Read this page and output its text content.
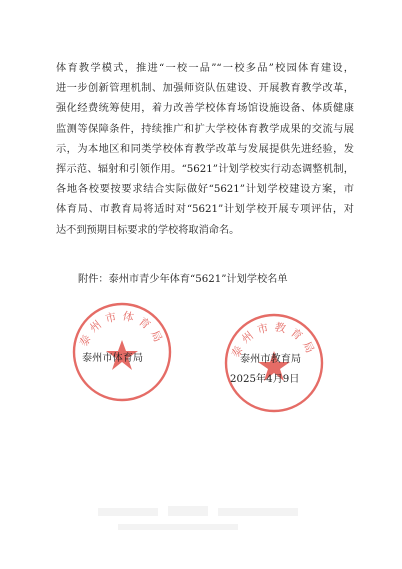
体育教学模式，推进“一校一品”“一校多品”校园体育建设，
进一步创新管理机制、加强师资队伍建设、开展教育教学改革，
强化经费统筹使用，着力改善学校体育场馆设施设备、体质健康
监测等保障条件，持续推广和扩大学校体育教学成果的交流与展
示，为本地区和同类学校体育教学改革与发展提供先进经验，发
挥示范、辐射和引领作用。“5621”计划学校实行动态调整机制，
各地各校要按要求结合实际做好“5621”计划学校建设方案，市
体育局、市教育局将适时对“5621”计划学校开展专项评估，对
达不到预期目标要求的学校将取消命名。

附件：泰州市青少年体育“5621”计划学校名单

泰州市体育局
泰州市教育局

泰州市体育局	泰州市教育局

2025年4月9日
